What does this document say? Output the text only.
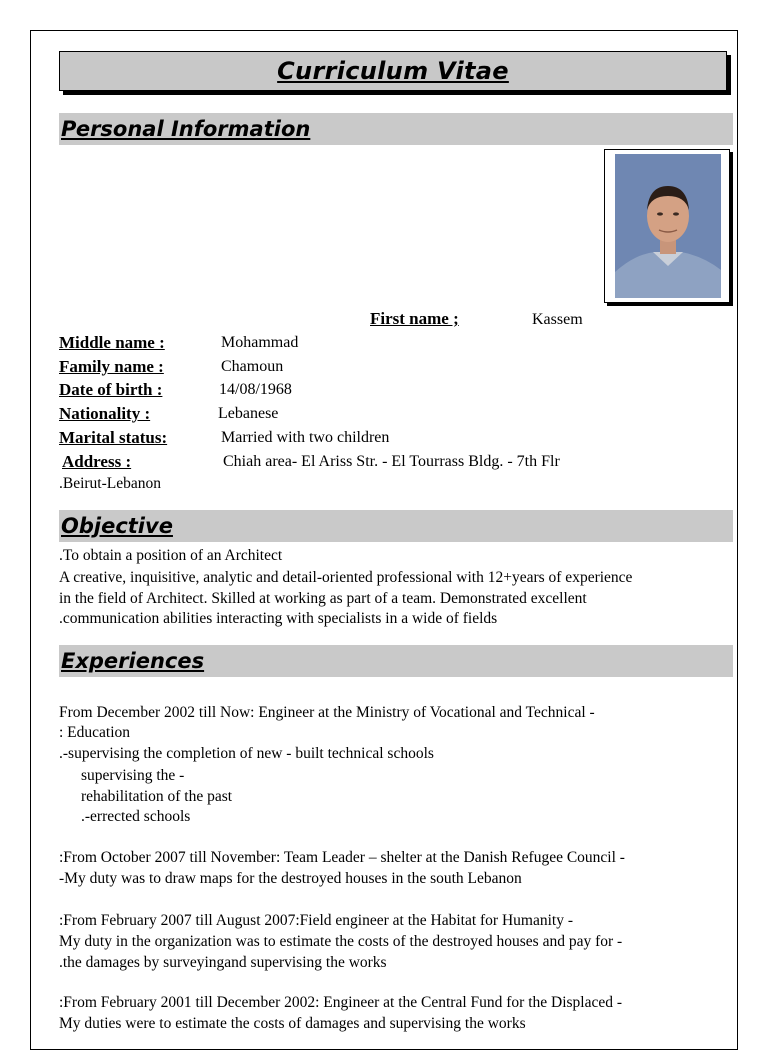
Curriculum Vitae
Personal Information
First name ;	Kassem
Middle name :	Mohammad
Family name :	Chamoun
Date of birth :	14/08/1968
Nationality :	Lebanese
Marital status:	Married with two children
Address :	Chiah area- El Ariss Str. - El Tourrass Bldg. - 7th Flr
.Beirut-Lebanon
Objective
.To obtain a position of an Architect
A creative, inquisitive, analytic and detail-oriented professional with 12+years of experience
in the field of Architect. Skilled at working as part of a team. Demonstrated excellent
.communication abilities interacting with specialists in a wide of fields
Experiences
From December 2002 till Now: Engineer at the Ministry of Vocational and Technical -
: Education
.-supervising the completion of new - built technical schools
supervising the -
rehabilitation of the past
.-errected schools
:From October 2007 till November: Team Leader – shelter at the Danish Refugee Council -
-My duty was to draw maps for the destroyed houses in the south Lebanon
:From February 2007 till August 2007:Field engineer at the Habitat for Humanity -
My duty in the organization was to estimate the costs of the destroyed houses and pay for -
.the damages by surveyingand supervising the works
:From February 2001 till December 2002: Engineer at the Central Fund for the Displaced -
My duties were to estimate the costs of damages and supervising the works
